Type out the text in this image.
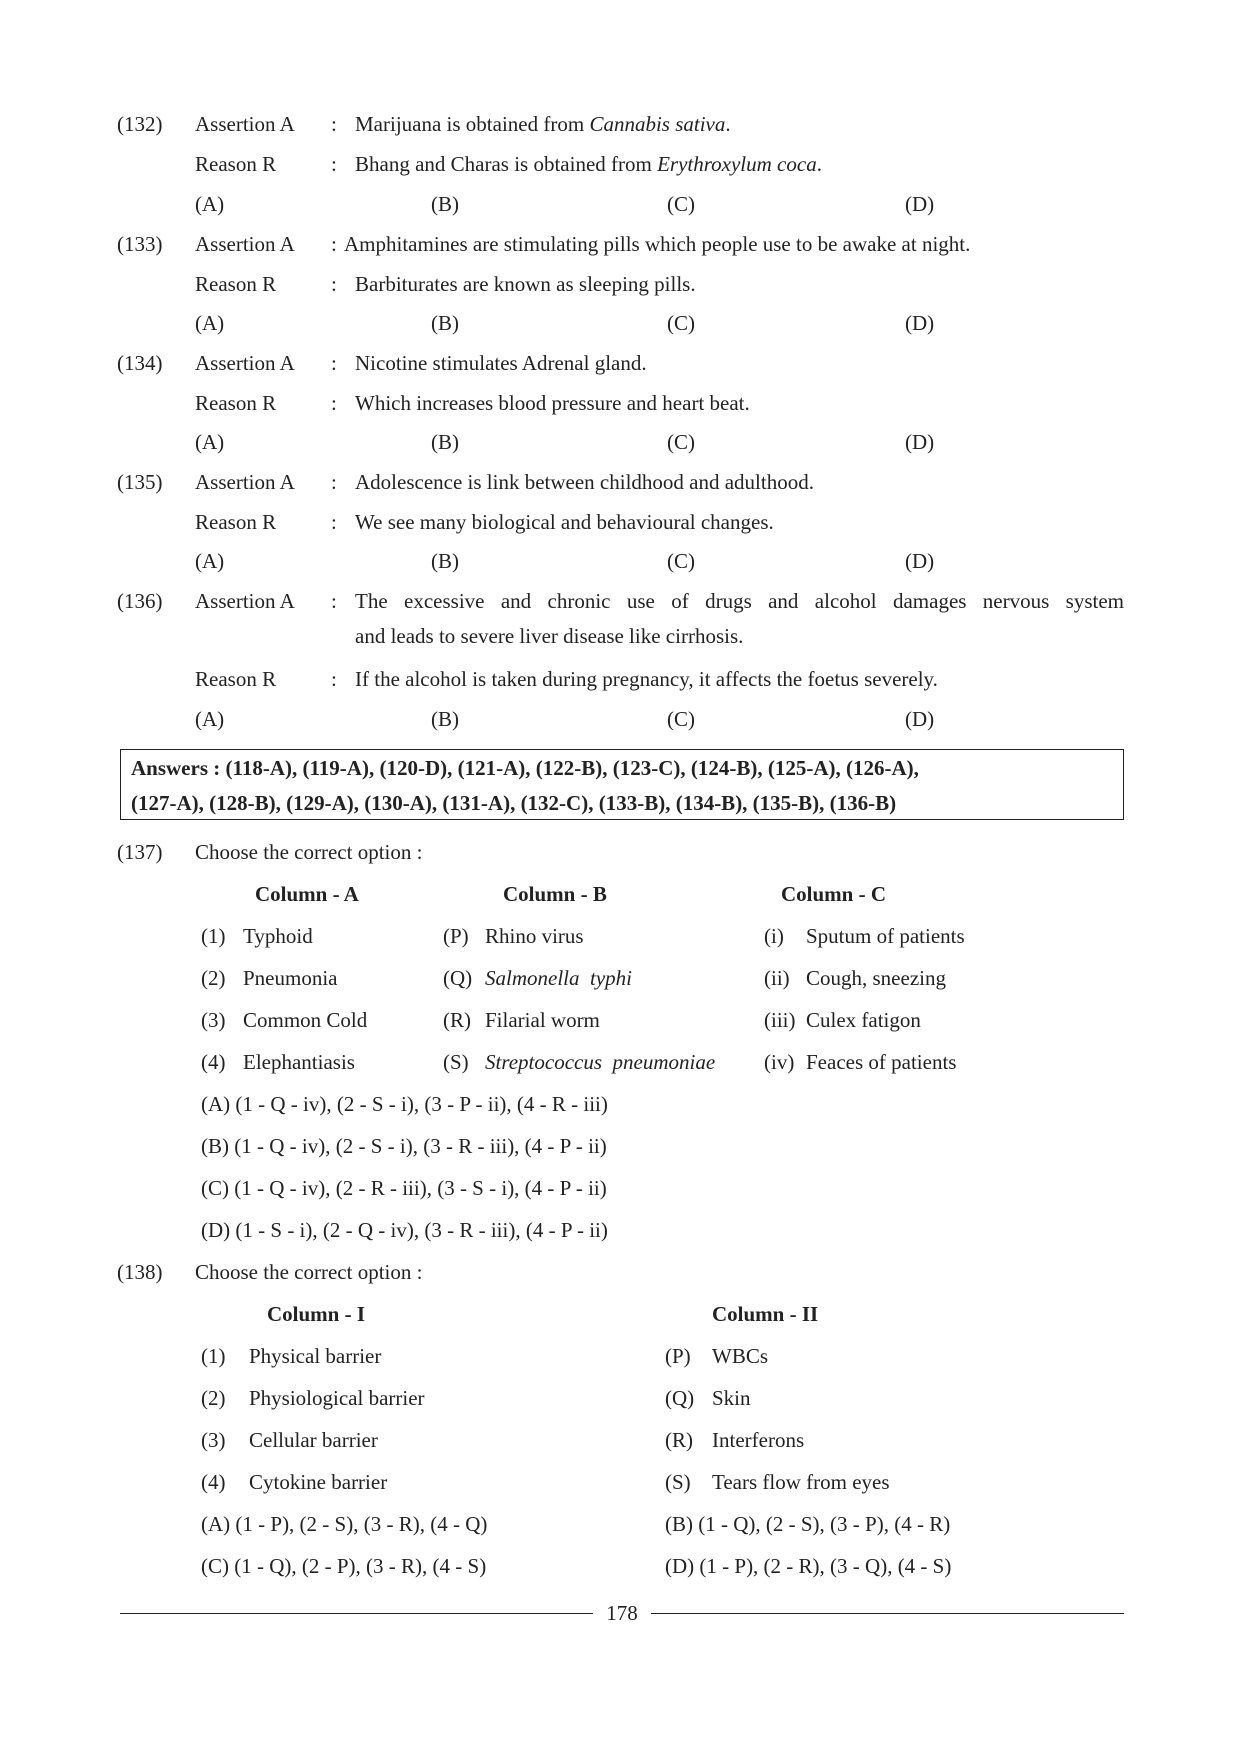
(132) Assertion A : Marijuana is obtained from Cannabis sativa.
Reason R	: Bhang and Charas is obtained from Erythroxylum coca.
(A)	(B)	(C)	(D)
(133) Assertion A : Amphitamines are stimulating pills which people use to be awake at night.
Reason R	: Barbiturates are known as sleeping pills.
(A)	(B)	(C)	(D)
(134) Assertion A : Nicotine stimulates Adrenal gland.
Reason R	: Which increases blood pressure and heart beat.
(A)	(B)	(C)	(D)
(135) Assertion A : Adolescence is link between childhood and adulthood.
Reason R	: We see many biological and behavioural changes.
(A)	(B)	(C)	(D)
(136) Assertion A : The excessive and chronic use of drugs and alcohol damages nervous system
and leads to severe liver disease like cirrhosis.
Reason R	: If the alcohol is taken during pregnancy, it affects the foetus severely.
(A)	(B)	(C)	(D)
Answers : (118-A), (119-A), (120-D), (121-A), (122-B), (123-C), (124-B), (125-A), (126-A),
(127-A), (128-B), (129-A), (130-A), (131-A), (132-C), (133-B), (134-B), (135-B), (136-B)
(137) Choose the correct option :
Column - A	Column - B	Column - C
(1) Typhoid	(P) Rhino virus	(i) Sputum of patients
(2) Pneumonia	(Q) Salmonella  typhi	(ii) Cough, sneezing
(3) Common Cold	(R) Filarial worm	(iii) Culex fatigon
(4) Elephantiasis	(S) Streptococcus  pneumoniae (iv) Feaces of patients
(A) (1 - Q - iv), (2 - S - i), (3 - P - ii), (4 - R - iii)
(B) (1 - Q - iv), (2 - S - i), (3 - R - iii), (4 - P - ii)
(C) (1 - Q - iv), (2 - R - iii), (3 - S - i), (4 - P - ii)
(D) (1 - S - i), (2 - Q - iv), (3 - R - iii), (4 - P - ii)
(138) Choose the correct option :
Column - I	Column - II
(1) Physical barrier	(P) WBCs
(2) Physiological barrier	(Q) Skin
(3) Cellular barrier	(R) Interferons
(4) Cytokine barrier	(S) Tears flow from eyes
(A) (1 - P), (2 - S), (3 - R), (4 - Q)	(B) (1 - Q), (2 - S), (3 - P), (4 - R)
(C) (1 - Q), (2 - P), (3 - R), (4 - S)	(D) (1 - P), (2 - R), (3 - Q), (4 - S)
178
